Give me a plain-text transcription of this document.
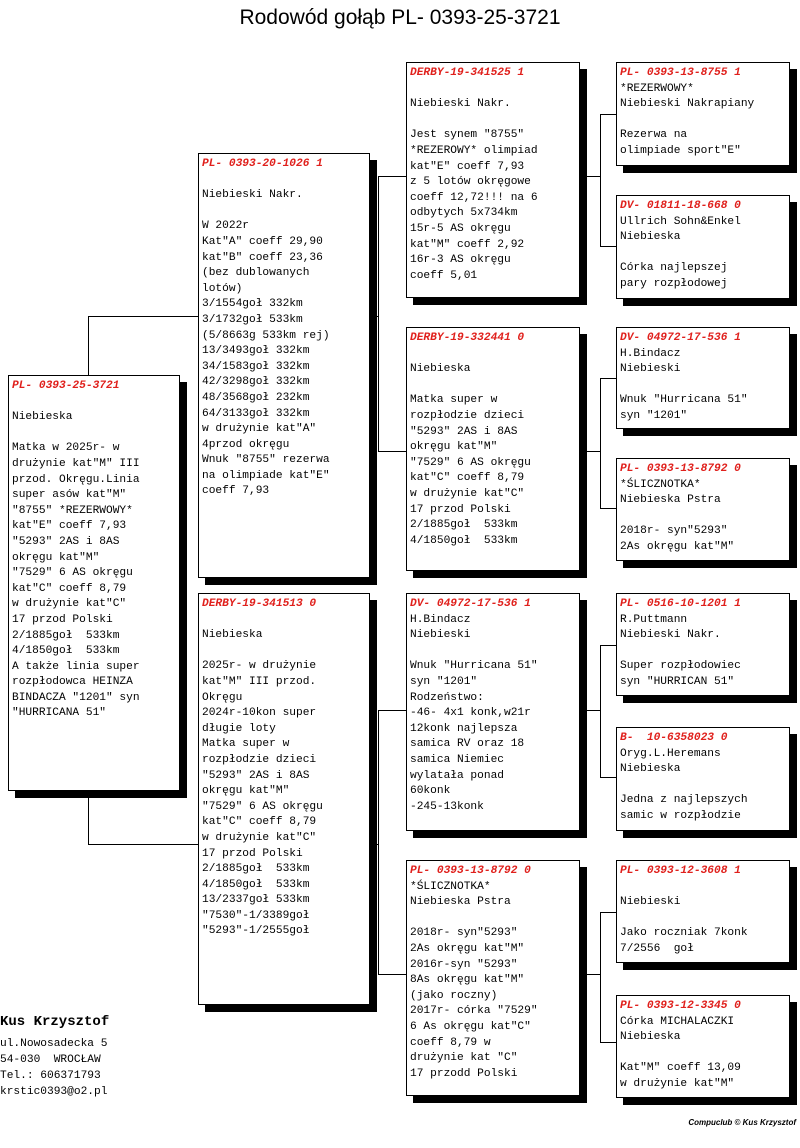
Rodowód gołąb PL- 0393-25-3721
PL- 0393-25-3721

Niebieska

Matka w 2025r- w
drużynie kat"M" III
przod. Okręgu.Linia
super asów kat"M"
"8755" *REZERWOWY*
kat"E" coeff 7,93
"5293" 2AS i 8AS
okręgu kat"M"
"7529" 6 AS okręgu
kat"C" coeff 8,79
w drużynie kat"C"
17 przod Polski
2/1885goł  533km
4/1850goł  533km
A także linia super
rozpłodowca HEINZA
BINDACZA "1201" syn
"HURRICANA 51"
PL- 0393-20-1026 1

Niebieski Nakr.

W 2022r
Kat"A" coeff 29,90
kat"B" coeff 23,36
(bez dublowanych
lotów)
3/1554goł 332km
3/1732goł 533km
(5/8663g 533km rej)
13/3493goł 332km
34/1583goł 332km
42/3298goł 332km
48/3568goł 232km
64/3133goł 332km
w drużynie kat"A"
4przod okręgu
Wnuk "8755" rezerwa
na olimpiade kat"E"
coeff 7,93
DERBY-19-341513 0

Niebieska

2025r- w drużynie
kat"M" III przod.
Okręgu
2024r-10kon super
długie loty
Matka super w
rozpłodzie dzieci
"5293" 2AS i 8AS
okręgu kat"M"
"7529" 6 AS okręgu
kat"C" coeff 8,79
w drużynie kat"C"
17 przod Polski
2/1885goł  533km
4/1850goł  533km
13/2337goł 533km
"7530"-1/3389goł
"5293"-1/2555goł
DERBY-19-341525 1

Niebieski Nakr.

Jest synem "8755"
*REZEROWY* olimpiad
kat"E" coeff 7,93
z 5 lotów okręgowe
coeff 12,72!!! na 6
odbytych 5x734km
15r-5 AS okręgu
kat"M" coeff 2,92
16r-3 AS okręgu
coeff 5,01
DERBY-19-332441 0

Niebieska

Matka super w
rozpłodzie dzieci
"5293" 2AS i 8AS
okręgu kat"M"
"7529" 6 AS okręgu
kat"C" coeff 8,79
w drużynie kat"C"
17 przod Polski
2/1885goł  533km
4/1850goł  533km
DV- 04972-17-536 1
H.Bindacz
Niebieski

Wnuk "Hurricana 51"
syn "1201"
Rodzeństwo:
-46- 4x1 konk,w21r
12konk najlepsza
samica RV oraz 18
samica Niemiec
wylatała ponad
60konk
-245-13konk
PL- 0393-13-8792 0
*ŚLICZNOTKA*
Niebieska Pstra

2018r- syn"5293"
2As okręgu kat"M"
2016r-syn "5293"
8As okręgu kat"M"
(jako roczny)
2017r- córka "7529"
6 As okręgu kat"C"
coeff 8,79 w
drużynie kat "C"
17 przodd Polski
PL- 0393-13-8755 1
*REZERWOWY*
Niebieski Nakrapiany

Rezerwa na
olimpiade sport"E"
DV- 01811-18-668 0
Ullrich Sohn&Enkel
Niebieska

Córka najlepszej
pary rozpłodowej
DV- 04972-17-536 1
H.Bindacz
Niebieski

Wnuk "Hurricana 51"
syn "1201"
PL- 0393-13-8792 0
*ŚLICZNOTKA*
Niebieska Pstra

2018r- syn"5293"
2As okręgu kat"M"
PL- 0516-10-1201 1
R.Puttmann
Niebieski Nakr.

Super rozpłodowiec
syn "HURRICAN 51"
B-  10-6358023 0
Oryg.L.Heremans
Niebieska

Jedna z najlepszych
samic w rozpłodzie
PL- 0393-12-3608 1

Niebieski

Jako roczniak 7konk
7/2556  goł
PL- 0393-12-3345 0
Córka MICHALACZKI
Niebieska

Kat"M" coeff 13,09
w drużynie kat"M"
Kus Krzysztof
ul.Nowosadecka 5
54-030  WROCŁAW
Tel.: 606371793
krstic0393@o2.pl
Compuclub © Kus Krzysztof
